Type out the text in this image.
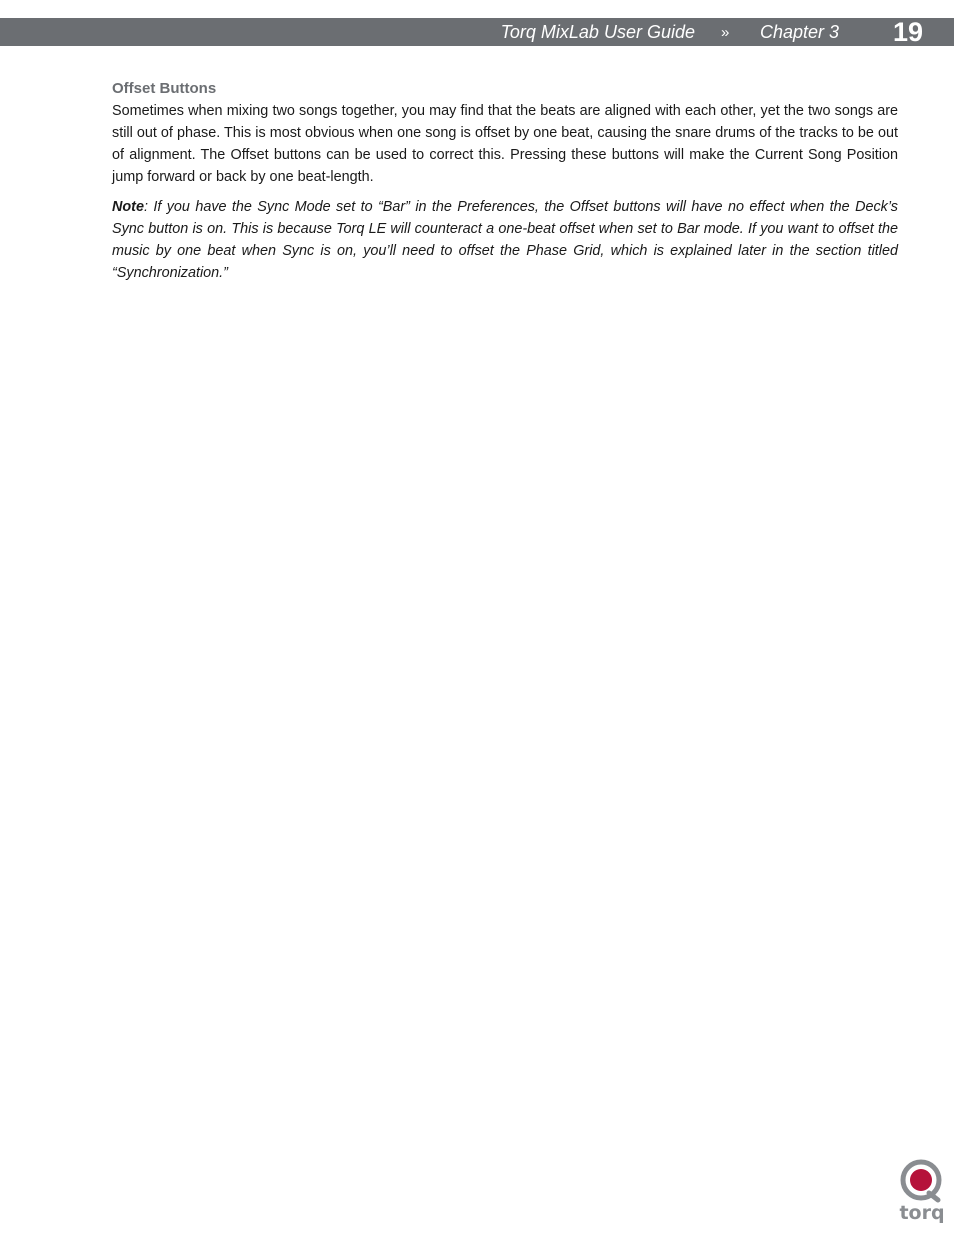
Torq MixLab User Guide » Chapter 3 19
Offset Buttons

Sometimes when mixing two songs together, you may find that the beats are aligned with each other, yet the two songs are still out of phase. This is most obvious when one song is offset by one beat, causing the snare drums of the tracks to be out of alignment. The Offset buttons can be used to correct this. Pressing these buttons will make the Current Song Position jump forward or back by one beat-length.

Note: If you have the Sync Mode set to “Bar” in the Preferences, the Offset buttons will have no effect when the Deck’s Sync button is on. This is because Torq LE will counteract a one-beat offset when set to Bar mode. If you want to offset the music by one beat when Sync is on, you’ll need to offset the Phase Grid, which is explained later in the section titled “Synchronization.”

torq
